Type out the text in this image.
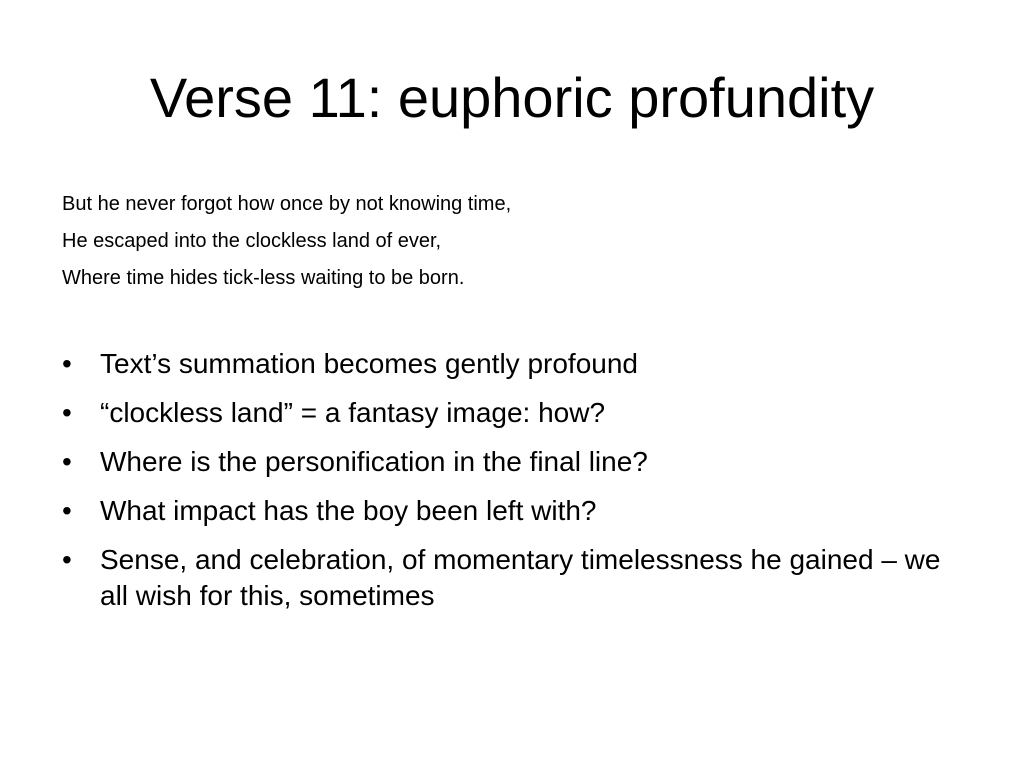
Verse 11: euphoric profundity
But he never forgot how once by not knowing time,
He escaped into the clockless land of ever,
Where time hides tick-less waiting to be born.
•	Text’s summation becomes gently profound
•	“clockless land” = a fantasy image: how?
•	Where is the personification in the final line?
•	What impact has the boy been left with?
•	Sense, and celebration, of momentary timelessness he gained – we all wish for this, sometimes
